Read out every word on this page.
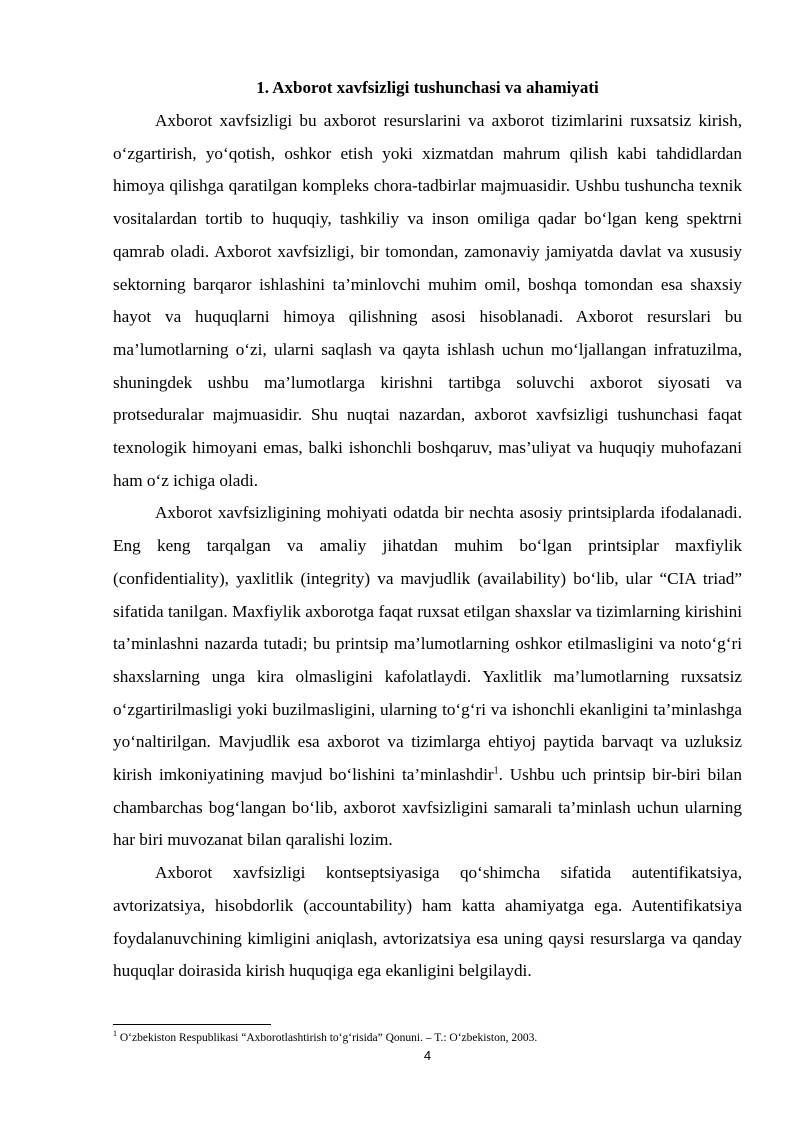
1. Axborot xavfsizligi tushunchasi va ahamiyati

Axborot xavfsizligi bu axborot resurslarini va axborot tizimlarini ruxsatsiz kirish, o‘zgartirish, yo‘qotish, oshkor etish yoki xizmatdan mahrum qilish kabi tahdidlardan himoya qilishga qaratilgan kompleks chora-tadbirlar majmuasidir. Ushbu tushuncha texnik vositalardan tortib to huquqiy, tashkiliy va inson omiliga qadar bo‘lgan keng spektrni qamrab oladi. Axborot xavfsizligi, bir tomondan, zamonaviy jamiyatda davlat va xususiy sektorning barqaror ishlashini ta’minlovchi muhim omil, boshqa tomondan esa shaxsiy hayot va huquqlarni himoya qilishning asosi hisoblanadi. Axborot resurslari bu ma’lumotlarning o‘zi, ularni saqlash va qayta ishlash uchun mo‘ljallangan infratuzilma, shuningdek ushbu ma’lumotlarga kirishni tartibga soluvchi axborot siyosati va protseduralar majmuasidir. Shu nuqtai nazardan, axborot xavfsizligi tushunchasi faqat texnologik himoyani emas, balki ishonchli boshqaruv, mas’uliyat va huquqiy muhofazani ham o‘z ichiga oladi.

Axborot xavfsizligining mohiyati odatda bir nechta asosiy printsiplarda ifodalanadi. Eng keng tarqalgan va amaliy jihatdan muhim bo‘lgan printsiplar maxfiylik (confidentiality), yaxlitlik (integrity) va mavjudlik (availability) bo‘lib, ular “CIA triad” sifatida tanilgan. Maxfiylik axborotga faqat ruxsat etilgan shaxslar va tizimlarning kirishini ta’minlashni nazarda tutadi; bu printsip ma’lumotlarning oshkor etilmasligini va noto‘g‘ri shaxslarning unga kira olmasligini kafolatlaydi. Yaxlitlik ma’lumotlarning ruxsatsiz o‘zgartirilmasligi yoki buzilmasligini, ularning to‘g‘ri va ishonchli ekanligini ta’minlashga yo‘naltirilgan. Mavjudlik esa axborot va tizimlarga ehtiyoj paytida barvaqt va uzluksiz kirish imkoniyatining mavjud bo‘lishini ta’minlashdir$^1$. Ushbu uch printsip bir-biri bilan chambarchas bog‘langan bo‘lib, axborot xavfsizligini samarali ta’minlash uchun ularning har biri muvozanat bilan qaralishi lozim.

Axborot xavfsizligi kontseptsiyasiga qo‘shimcha sifatida autentifikatsiya, avtorizatsiya, hisobdorlik (accountability) ham katta ahamiyatga ega. Autentifikatsiya foydalanuvchining kimligini aniqlash, avtorizatsiya esa uning qaysi resurslarga va qanday huquqlar doirasida kirish huquqiga ega ekanligini belgilaydi.

$^1$ O‘zbekiston Respublikasi “Axborotlashtirish to‘g‘risida” Qonuni. – T.: O‘zbekiston, 2003.
4
